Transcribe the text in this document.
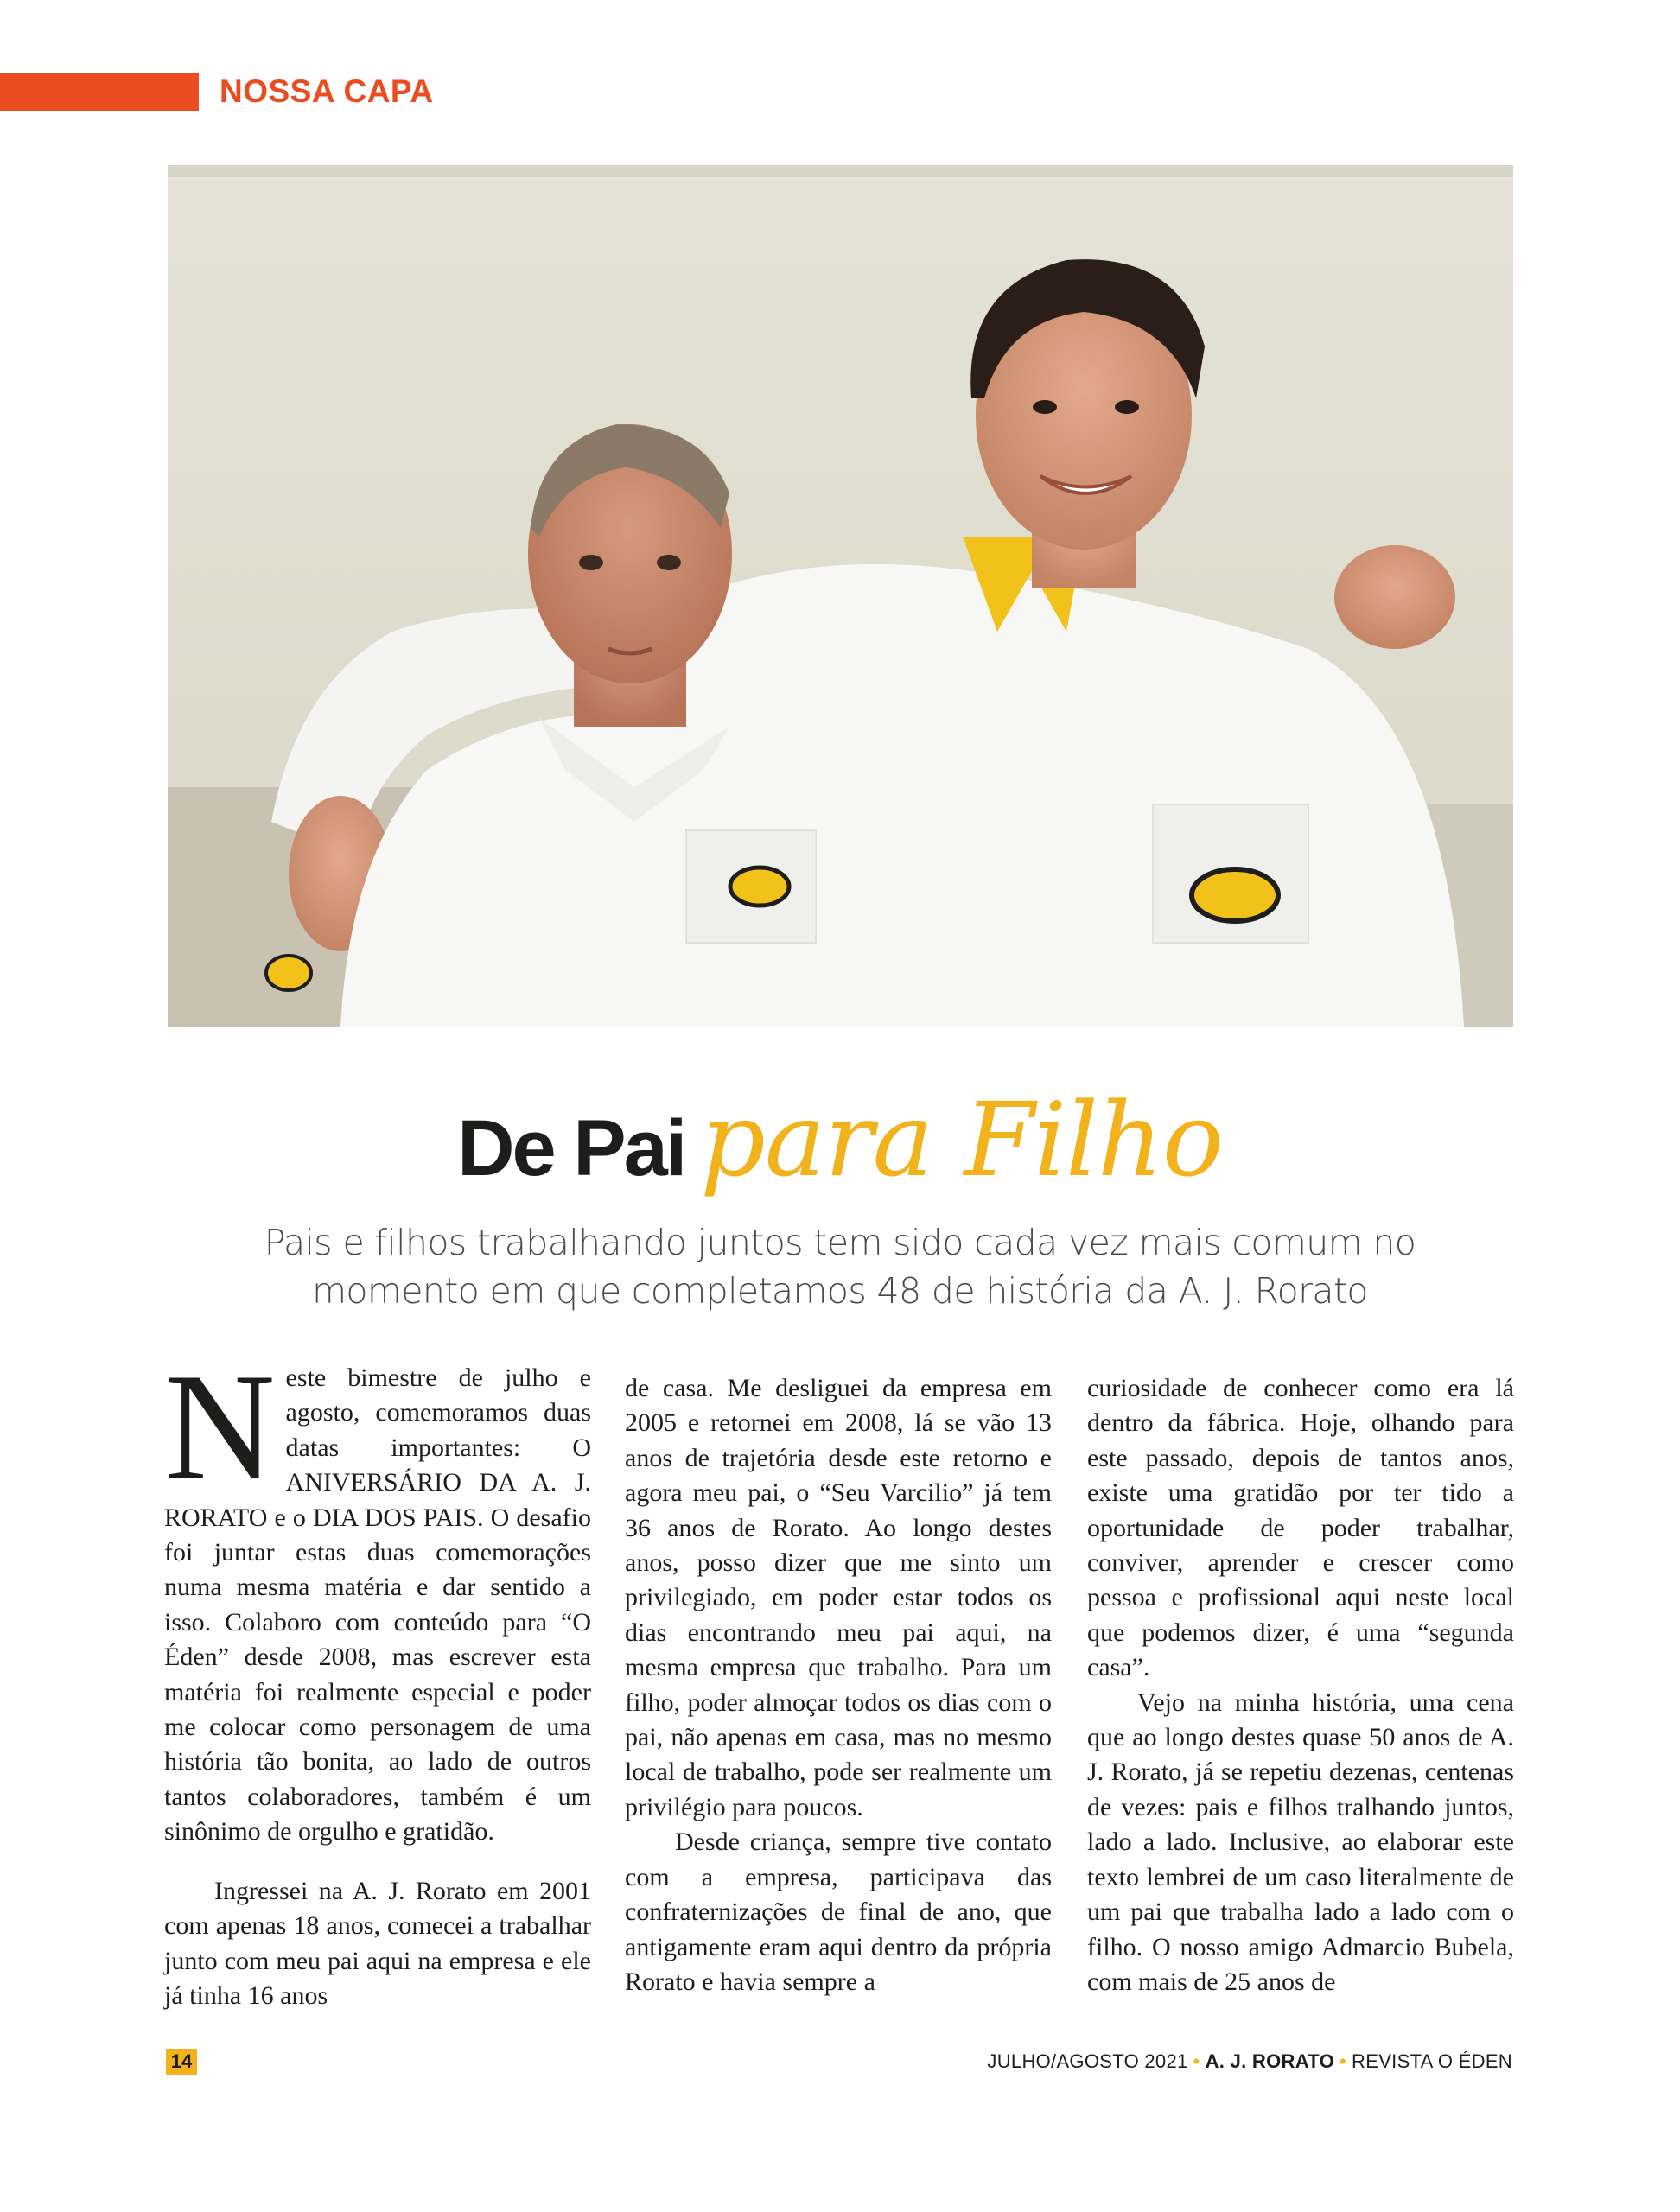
NOSSA CAPA
De Pai para Filho
Pais e filhos trabalhando juntos tem sido cada vez mais comum no
momento em que completamos 48 de história da A. J. Rorato

Neste bimestre de julho e agosto, comemoramos duas datas importantes: O ANIVERSÁRIO DA A. J. RORATO e o DIA DOS PAIS. O desafio foi juntar estas duas comemorações numa mesma matéria e dar sentido a isso. Colaboro com conteúdo para “O Éden” desde 2008, mas escrever esta matéria foi realmente especial e poder me colocar como personagem de uma história tão bonita, ao lado de outros tantos colaboradores, também é um sinônimo de orgulho e gratidão.

Ingressei na A. J. Rorato em 2001 com apenas 18 anos, comecei a trabalhar junto com meu pai aqui na empresa e ele já tinha 16 anos

de casa. Me desliguei da empresa em 2005 e retornei em 2008, lá se vão 13 anos de trajetória desde este retorno e agora meu pai, o “Seu Varcilio” já tem 36 anos de Rorato. Ao longo destes anos, posso dizer que me sinto um privilegiado, em poder estar todos os dias encontrando meu pai aqui, na mesma empresa que trabalho. Para um filho, poder almoçar todos os dias com o pai, não apenas em casa, mas no mesmo local de trabalho, pode ser realmente um privilégio para poucos.

Desde criança, sempre tive contato com a empresa, participava das confraternizações de final de ano, que antigamente eram aqui dentro da própria Rorato e havia sempre a

curiosidade de conhecer como era lá dentro da fábrica. Hoje, olhando para este passado, depois de tantos anos, existe uma gratidão por ter tido a oportunidade de poder trabalhar, conviver, aprender e crescer como pessoa e profissional aqui neste local que podemos dizer, é uma “segunda casa”.

Vejo na minha história, uma cena que ao longo destes quase 50 anos de A. J. Rorato, já se repetiu dezenas, centenas de vezes: pais e filhos tralhando juntos, lado a lado. Inclusive, ao elaborar este texto lembrei de um caso literalmente de um pai que trabalha lado a lado com o filho. O nosso amigo Admarcio Bubela, com mais de 25 anos de

14	JULHO/AGOSTO 2021 • A. J. RORATO • REVISTA O ÉDEN
